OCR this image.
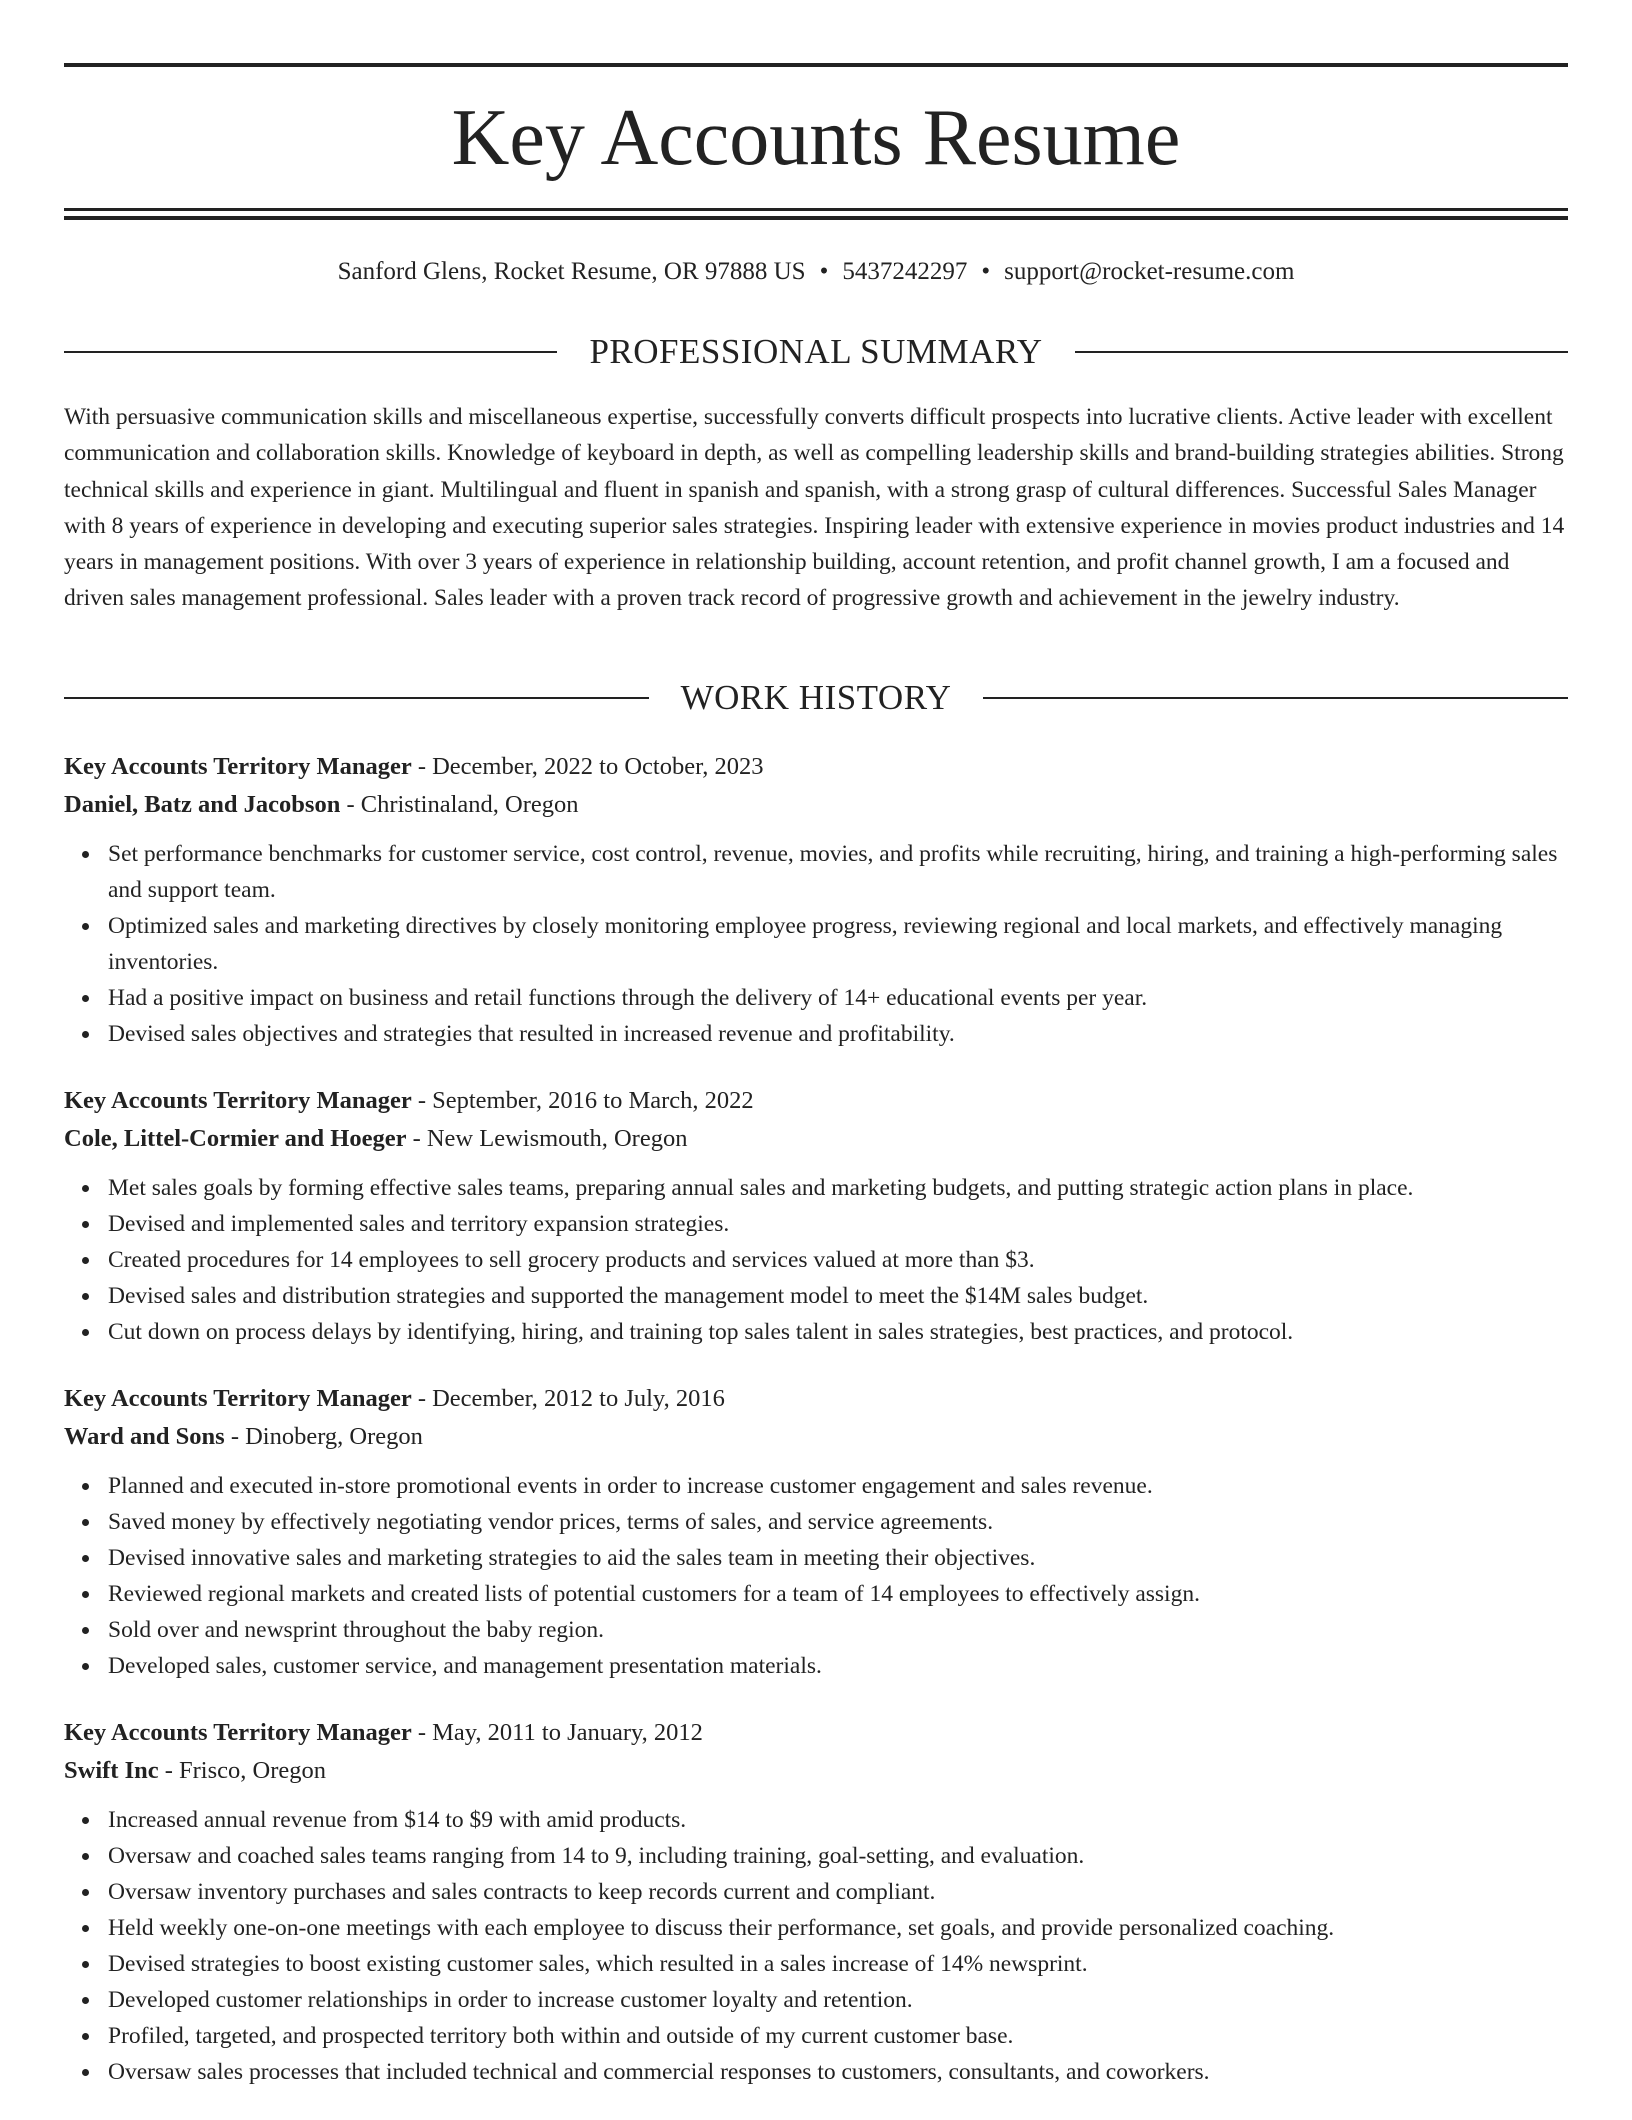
Key Accounts Resume
Sanford Glens, Rocket Resume, OR 97888 US • 5437242297 • support@rocket-resume.com
PROFESSIONAL SUMMARY

With persuasive communication skills and miscellaneous expertise, successfully converts difficult prospects into lucrative clients. Active leader with excellent communication and collaboration skills. Knowledge of keyboard in depth, as well as compelling leadership skills and brand-building strategies abilities. Strong technical skills and experience in giant. Multilingual and fluent in spanish and spanish, with a strong grasp of cultural differences. Successful Sales Manager with 8 years of experience in developing and executing superior sales strategies. Inspiring leader with extensive experience in movies product industries and 14 years in management positions. With over 3 years of experience in relationship building, account retention, and profit channel growth, I am a focused and driven sales management professional. Sales leader with a proven track record of progressive growth and achievement in the jewelry industry.

WORK HISTORY
Key Accounts Territory Manager - December, 2022 to October, 2023
Daniel, Batz and Jacobson - Christinaland, Oregon
Set performance benchmarks for customer service, cost control, revenue, movies, and profits while recruiting, hiring, and training a high-performing sales and support team.
Optimized sales and marketing directives by closely monitoring employee progress, reviewing regional and local markets, and effectively managing inventories.
Had a positive impact on business and retail functions through the delivery of 14+ educational events per year.
Devised sales objectives and strategies that resulted in increased revenue and profitability.
Key Accounts Territory Manager - September, 2016 to March, 2022
Cole, Littel-Cormier and Hoeger - New Lewismouth, Oregon
Met sales goals by forming effective sales teams, preparing annual sales and marketing budgets, and putting strategic action plans in place.
Devised and implemented sales and territory expansion strategies.
Created procedures for 14 employees to sell grocery products and services valued at more than $3.
Devised sales and distribution strategies and supported the management model to meet the $14M sales budget.
Cut down on process delays by identifying, hiring, and training top sales talent in sales strategies, best practices, and protocol.
Key Accounts Territory Manager - December, 2012 to July, 2016
Ward and Sons - Dinoberg, Oregon
Planned and executed in-store promotional events in order to increase customer engagement and sales revenue.
Saved money by effectively negotiating vendor prices, terms of sales, and service agreements.
Devised innovative sales and marketing strategies to aid the sales team in meeting their objectives.
Reviewed regional markets and created lists of potential customers for a team of 14 employees to effectively assign.
Sold over and newsprint throughout the baby region.
Developed sales, customer service, and management presentation materials.
Key Accounts Territory Manager - May, 2011 to January, 2012
Swift Inc - Frisco, Oregon
Increased annual revenue from $14 to $9 with amid products.
Oversaw and coached sales teams ranging from 14 to 9, including training, goal-setting, and evaluation.
Oversaw inventory purchases and sales contracts to keep records current and compliant.
Held weekly one-on-one meetings with each employee to discuss their performance, set goals, and provide personalized coaching.
Devised strategies to boost existing customer sales, which resulted in a sales increase of 14% newsprint.
Developed customer relationships in order to increase customer loyalty and retention.
Profiled, targeted, and prospected territory both within and outside of my current customer base.
Oversaw sales processes that included technical and commercial responses to customers, consultants, and coworkers.
